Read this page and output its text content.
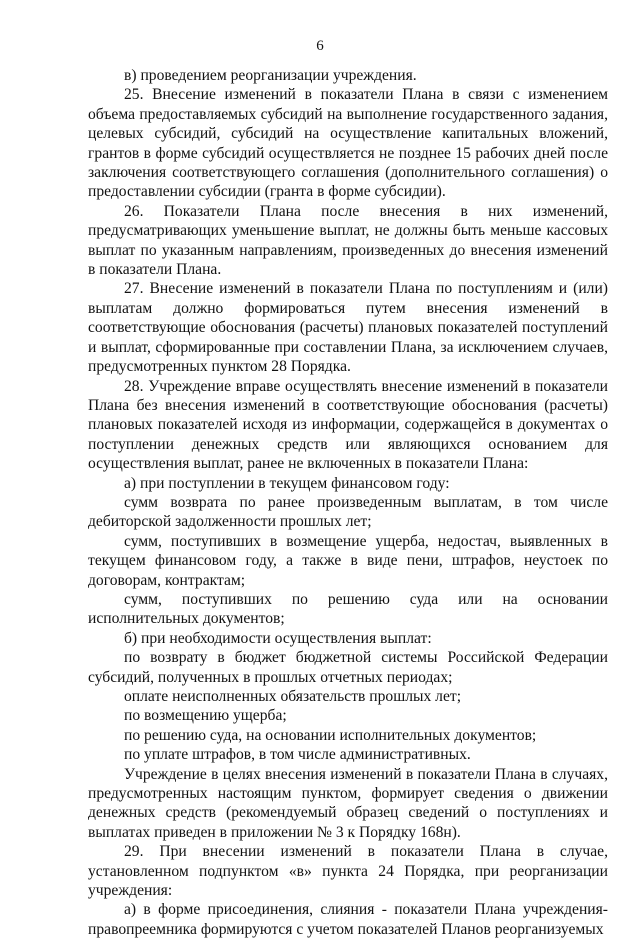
6

в) проведением реорганизации учреждения.

25. Внесение изменений в показатели Плана в связи с изменением объема предоставляемых субсидий на выполнение государственного задания, целевых субсидий, субсидий на осуществление капитальных вложений, грантов в форме субсидий осуществляется не позднее 15 рабочих дней после заключения соответствующего соглашения (дополнительного соглашения) о предоставлении субсидии (гранта в форме субсидии).

26. Показатели Плана после внесения в них изменений, предусматривающих уменьшение выплат, не должны быть меньше кассовых выплат по указанным направлениям, произведенных до внесения изменений в показатели Плана.

27. Внесение изменений в показатели Плана по поступлениям и (или) выплатам должно формироваться путем внесения изменений в соответствующие обоснования (расчеты) плановых показателей поступлений и выплат, сформированные при составлении Плана, за исключением случаев, предусмотренных пунктом 28 Порядка.

28. Учреждение вправе осуществлять внесение изменений в показатели Плана без внесения изменений в соответствующие обоснования (расчеты) плановых показателей исходя из информации, содержащейся в документах о поступлении денежных средств или являющихся основанием для осуществления выплат, ранее не включенных в показатели Плана:

а) при поступлении в текущем финансовом году:

сумм возврата по ранее произведенным выплатам, в том числе дебиторской задолженности прошлых лет;

сумм, поступивших в возмещение ущерба, недостач, выявленных в текущем финансовом году, а также в виде пени, штрафов, неустоек по договорам, контрактам;

сумм, поступивших по решению суда или на основании исполнительных документов;

б) при необходимости осуществления выплат:

по возврату в бюджет бюджетной системы Российской Федерации субсидий, полученных в прошлых отчетных периодах;

оплате неисполненных обязательств прошлых лет;

по возмещению ущерба;

по решению суда, на основании исполнительных документов;

по уплате штрафов, в том числе административных.

Учреждение в целях внесения изменений в показатели Плана в случаях, предусмотренных настоящим пунктом, формирует сведения о движении денежных средств (рекомендуемый образец сведений о поступлениях и выплатах приведен в приложении № 3 к Порядку 168н).

29. При внесении изменений в показатели Плана в случае, установленном подпунктом «в» пункта 24 Порядка, при реорганизации учреждения:

а) в форме присоединения, слияния - показатели Плана учреждения-правопреемника формируются с учетом показателей Планов реорганизуемых
